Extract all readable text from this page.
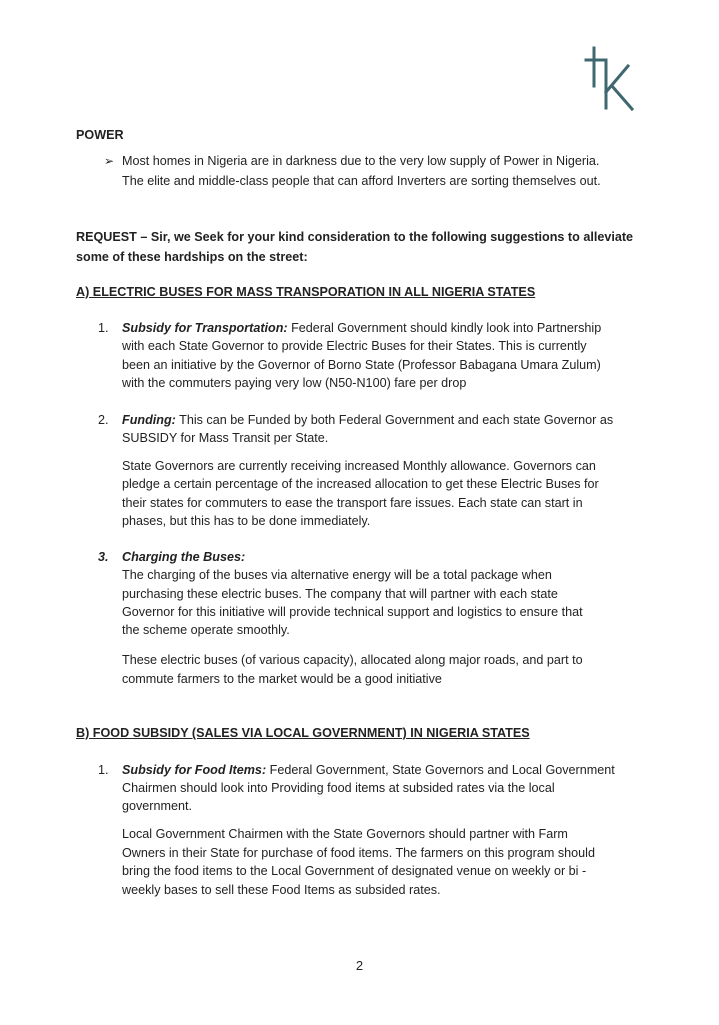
POWER
➢ Most homes in Nigeria are in darkness due to the very low supply of Power in Nigeria.
The elite and middle-class people that can afford Inverters are sorting themselves out.
REQUEST – Sir, we Seek for your kind consideration to the following suggestions to alleviate
some of these hardships on the street:
A) ELECTRIC BUSES FOR MASS TRANSPORATION IN ALL NIGERIA STATES
1. Subsidy for Transportation: Federal Government should kindly look into Partnership
with each State Governor to provide Electric Buses for their States. This is currently
been an initiative by the Governor of Borno State (Professor Babagana Umara Zulum)
with the commuters paying very low (N50-N100) fare per drop
2. Funding: This can be Funded by both Federal Government and each state Governor as
SUBSIDY for Mass Transit per State.
State Governors are currently receiving increased Monthly allowance. Governors can
pledge a certain percentage of the increased allocation to get these Electric Buses for
their states for commuters to ease the transport fare issues. Each state can start in
phases, but this has to be done immediately.
3. Charging the Buses:
The charging of the buses via alternative energy will be a total package when
purchasing these electric buses. The company that will partner with each state
Governor for this initiative will provide technical support and logistics to ensure that
the scheme operate smoothly.
These electric buses (of various capacity), allocated along major roads, and part to
commute farmers to the market would be a good initiative
B) FOOD SUBSIDY (SALES VIA LOCAL GOVERNMENT) IN NIGERIA STATES
1. Subsidy for Food Items: Federal Government, State Governors and Local Government
Chairmen should look into Providing food items at subsided rates via the local
government.
Local Government Chairmen with the State Governors should partner with Farm
Owners in their State for purchase of food items. The farmers on this program should
bring the food items to the Local Government of designated venue on weekly or bi -
weekly bases to sell these Food Items as subsided rates.
2
